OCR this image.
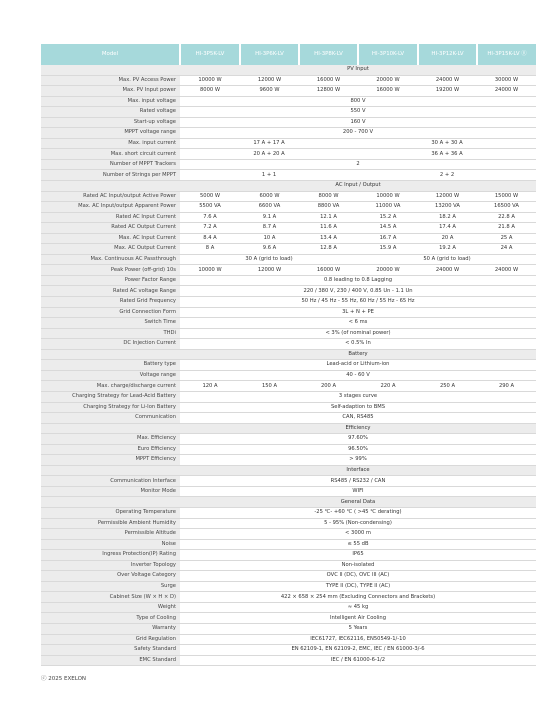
Model	HI-3P5K-LV	HI-3P6K-LV	HI-3P8K-LV	HI-3P10K-LV	HI-3P12K-LV	HI-3P15K-LV Ⓡ
	PV Input					
Max. PV Access Power	10000 W	12000 W	16000 W	20000 W	24000 W	30000 W
Max. PV Input power	8000 W	9600 W	12800 W	16000 W	19200 W	24000 W
Max. input voltage	800 V					
Rated voltage	550 V					
Start-up voltage	160 V					
MPPT voltage range	200 - 700 V					
Max. input current	17 A + 17 A			30 A + 30 A		
Max. short circuit current	20 A + 20 A			36 A + 36 A		
Number of MPPT Trackers	2					
Number of Strings per MPPT	1 + 1			2 + 2		
	AC Input / Output					
Rated AC Input/output Active Power	5000 W	6000 W	8000 W	10000 W	12000 W	15000 W
Max. AC Input/output Apparent Power	5500 VA	6600 VA	8800 VA	11000 VA	13200 VA	16500 VA
Rated AC Input Current	7.6 A	9.1 A	12.1 A	15.2 A	18.2 A	22.8 A
Rated AC Output Current	7.2 A	8.7 A	11.6 A	14.5 A	17.4 A	21.8 A
Max. AC Input Current	8.4 A	10 A	13.4 A	16.7 A	20 A	25 A
Max. AC Output Current	8 A	9.6 A	12.8 A	15.9 A	19.2 A	24 A
Max. Continuous AC Passthrough	30 A (grid to load)			50 A (grid to load)		
Peak Power (off-grid) 10s	10000 W	12000 W	16000 W	20000 W	24000 W	24000 W
Power Factor Range	0.8 leading to 0.8 Lagging					
Rated AC voltage Range	220 / 380 V, 230 / 400 V, 0.85 Un - 1.1 Un					
Rated Grid Frequency	50 Hz / 45 Hz - 55 Hz, 60 Hz / 55 Hz - 65 Hz					
Grid Connection Form	3L + N + PE					
Switch Time	< 6 ms					
THDi	< 3% (of nominal power)					
DC Injection Current	< 0.5% In					
	Battery					
Battery type	Lead-acid or Lithium-ion					
Voltage range	40 - 60 V					
Max. charge/discharge current	120 A	150 A	200 A	220 A	250 A	290 A
Charging Strategy for Lead-Acid Battery	3 stages curve					
Charging Strategy for Li-Ion Battery	Self-adaption to BMS					
Communication	CAN, RS485					
	Efficiency					
Max. Efficiency	97.60%					
Euro Efficiency	96.50%					
MPPT Efficiency	> 99%					
	Interface					
Communication Interface	RS485 / RS232 / CAN					
Monitor Mode	WIFI					
	General Data					
Operating Temperature	-25 ℃- +60 ℃ ( >45 ℃ derating)					
Permissible Ambient Humidity	5 - 95% (Non-condensing)					
Permissible Altitude	< 3000 m					
Noise	≤ 55 dB					
Ingress Protection(IP) Rating	IP65					
Inverter Topology	Non-isolated					
Over Voltage Category	OVC II (DC), OVC III (AC)					
Surge	TYPE II (DC), TYPE II (AC)					
Cabinet Size (W × H × D)	422 × 658 × 254 mm (Excluding Connectors and Brackets)					
Weight	≈ 45 kg					
Type of Cooling	Intelligent Air Cooling					
Warranty	5 Years					
Grid Regulation	IEC61727, IEC62116, EN50549-1/-10					
Safety Standard	EN 62109-1, EN 62109-2, EMC, IEC / EN 61000-3/-6					
EMC Standard	IEC / EN 61000-6-1/2					
ⓒ 2025 EXELON
